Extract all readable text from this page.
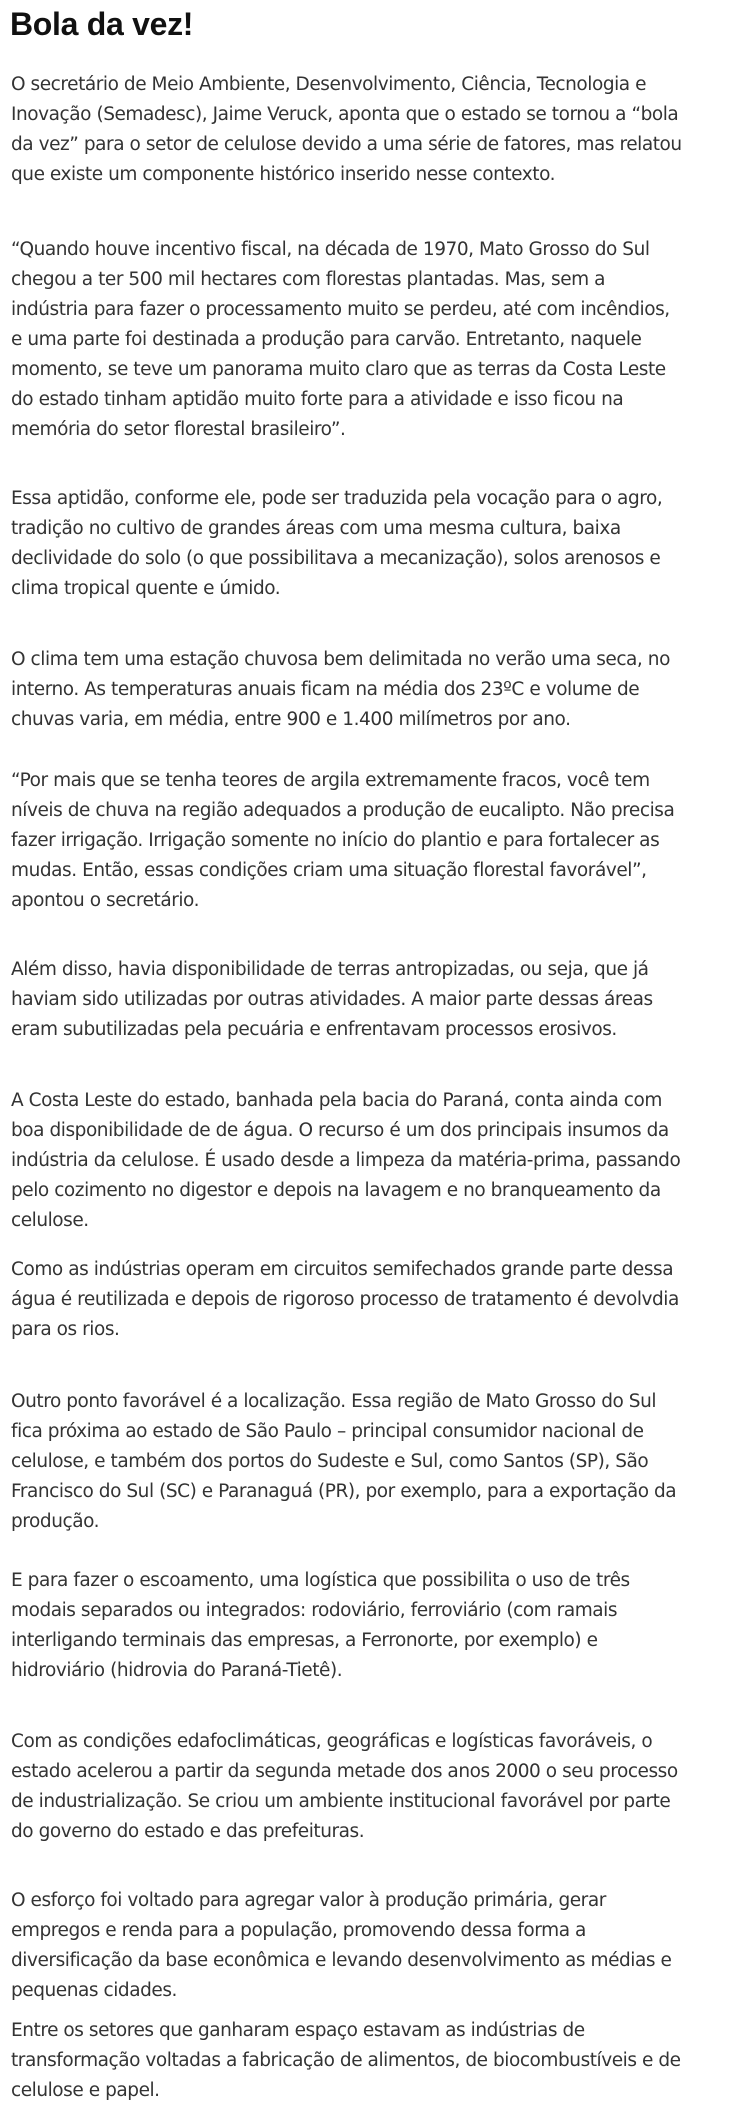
Bola da vez!

O secretário de Meio Ambiente, Desenvolvimento, Ciência, Tecnologia e Inovação (Semadesc), Jaime Veruck, aponta que o estado se tornou a “bola da vez” para o setor de celulose devido a uma série de fatores, mas relatou que existe um componente histórico inserido nesse contexto.

“Quando houve incentivo fiscal, na década de 1970, Mato Grosso do Sul chegou a ter 500 mil hectares com florestas plantadas. Mas, sem a indústria para fazer o processamento muito se perdeu, até com incêndios, e uma parte foi destinada a produção para carvão. Entretanto, naquele momento, se teve um panorama muito claro que as terras da Costa Leste do estado tinham aptidão muito forte para a atividade e isso ficou na memória do setor florestal brasileiro”.

Essa aptidão, conforme ele, pode ser traduzida pela vocação para o agro, tradição no cultivo de grandes áreas com uma mesma cultura, baixa declividade do solo (o que possibilitava a mecanização), solos arenosos e clima tropical quente e úmido.

O clima tem uma estação chuvosa bem delimitada no verão uma seca, no interno. As temperaturas anuais ficam na média dos 23ºC e volume de chuvas varia, em média, entre 900 e 1.400 milímetros por ano.

“Por mais que se tenha teores de argila extremamente fracos, você tem níveis de chuva na região adequados a produção de eucalipto. Não precisa fazer irrigação. Irrigação somente no início do plantio e para fortalecer as mudas. Então, essas condições criam uma situação florestal favorável”, apontou o secretário.

Além disso, havia disponibilidade de terras antropizadas, ou seja, que já haviam sido utilizadas por outras atividades. A maior parte dessas áreas eram subutilizadas pela pecuária e enfrentavam processos erosivos.

A Costa Leste do estado, banhada pela bacia do Paraná, conta ainda com boa disponibilidade de de água. O recurso é um dos principais insumos da indústria da celulose. É usado desde a limpeza da matéria-prima, passando pelo cozimento no digestor e depois na lavagem e no branqueamento da celulose.

Como as indústrias operam em circuitos semifechados grande parte dessa água é reutilizada e depois de rigoroso processo de tratamento é devolvdia para os rios.

Outro ponto favorável é a localização. Essa região de Mato Grosso do Sul fica próxima ao estado de São Paulo – principal consumidor nacional de celulose, e também dos portos do Sudeste e Sul, como Santos (SP), São Francisco do Sul (SC) e Paranaguá (PR), por exemplo, para a exportação da produção.

E para fazer o escoamento, uma logística que possibilita o uso de três modais separados ou integrados: rodoviário, ferroviário (com ramais interligando terminais das empresas, a Ferronorte, por exemplo) e hidroviário (hidrovia do Paraná-Tietê).

Com as condições edafoclimáticas, geográficas e logísticas favoráveis, o estado acelerou a partir da segunda metade dos anos 2000 o seu processo de industrialização. Se criou um ambiente institucional favorável por parte do governo do estado e das prefeituras.

O esforço foi voltado para agregar valor à produção primária, gerar empregos e renda para a população, promovendo dessa forma a diversificação da base econômica e levando desenvolvimento as médias e pequenas cidades.

Entre os setores que ganharam espaço estavam as indústrias de transformação voltadas a fabricação de alimentos, de biocombustíveis e de celulose e papel.
